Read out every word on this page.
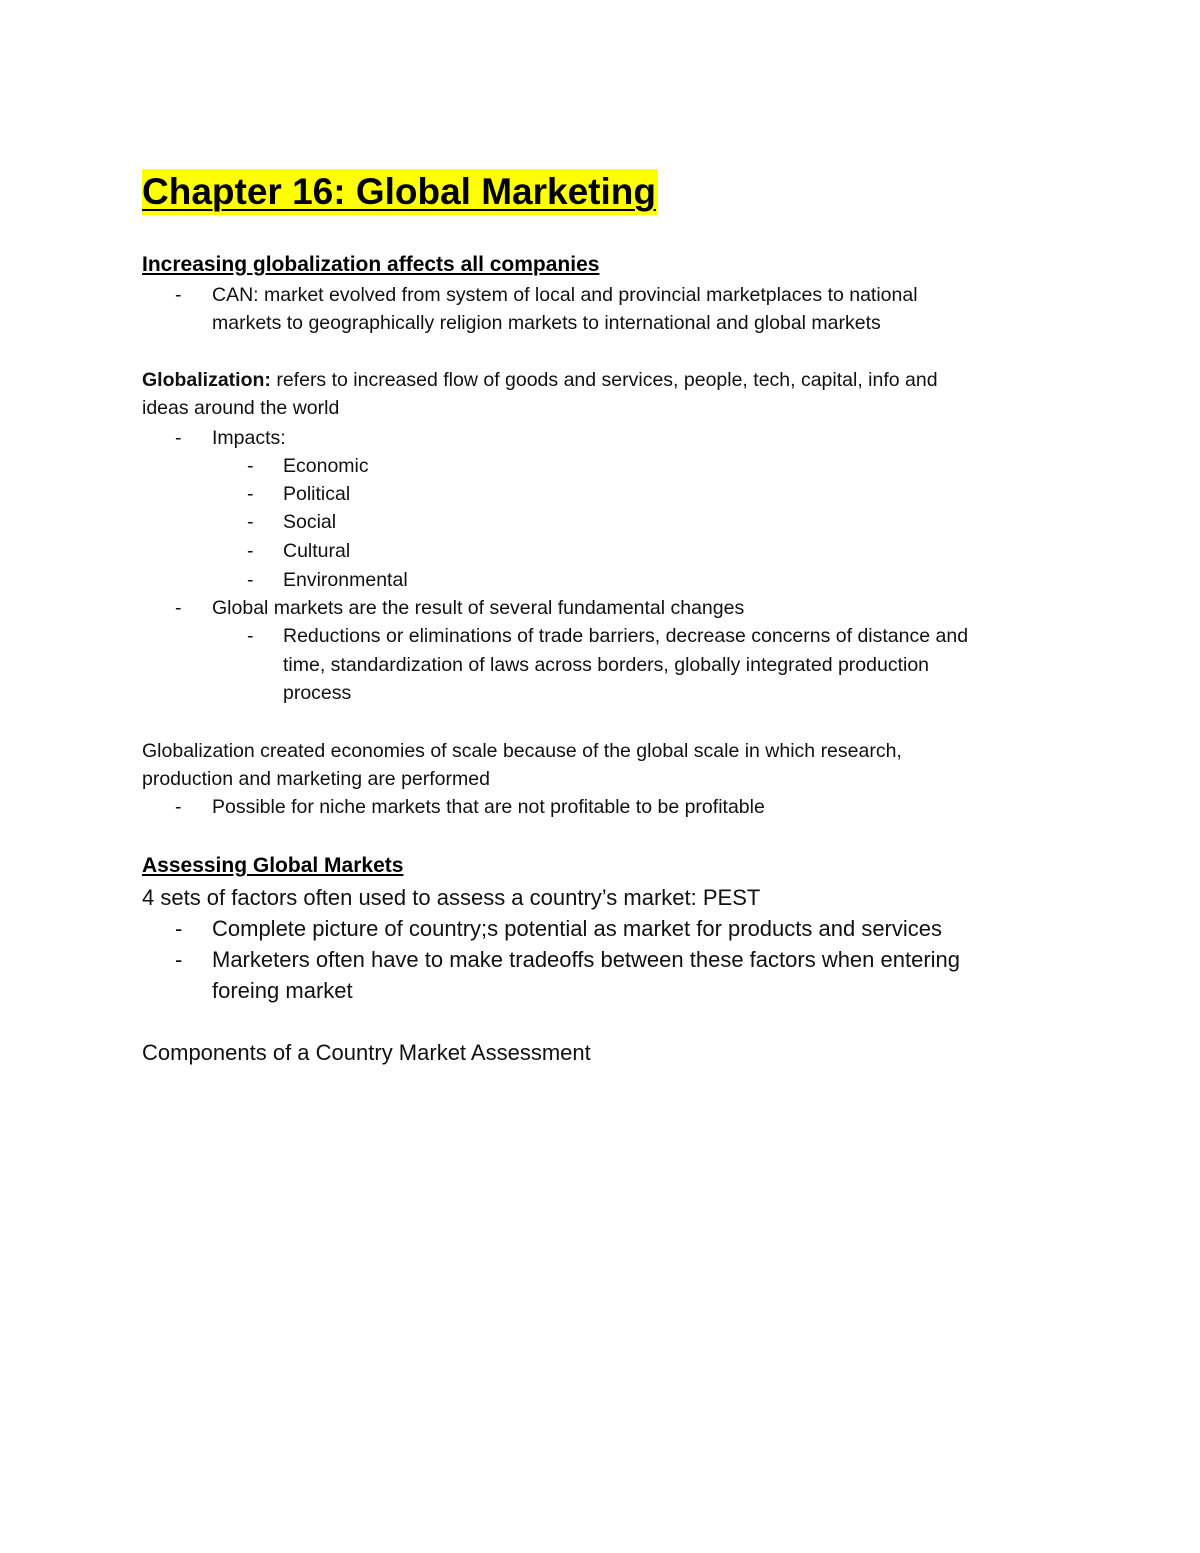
Chapter 16: Global Marketing
Increasing globalization affects all companies
- CAN: market evolved from system of local and provincial marketplaces to national
markets to geographically religion markets to international and global markets
Globalization: refers to increased flow of goods and services, people, tech, capital, info and
ideas around the world
- Impacts:
- Economic
- Political
- Social
- Cultural
- Environmental
- Global markets are the result of several fundamental changes
- Reductions or eliminations of trade barriers, decrease concerns of distance and
time, standardization of laws across borders, globally integrated production
process
Globalization created economies of scale because of the global scale in which research,
production and marketing are performed
- Possible for niche markets that are not profitable to be profitable
Assessing Global Markets
4 sets of factors often used to assess a country’s market: PEST
- Complete picture of country;s potential as market for products and services
- Marketers often have to make tradeoffs between these factors when entering
foreing market
Components of a Country Market Assessment
